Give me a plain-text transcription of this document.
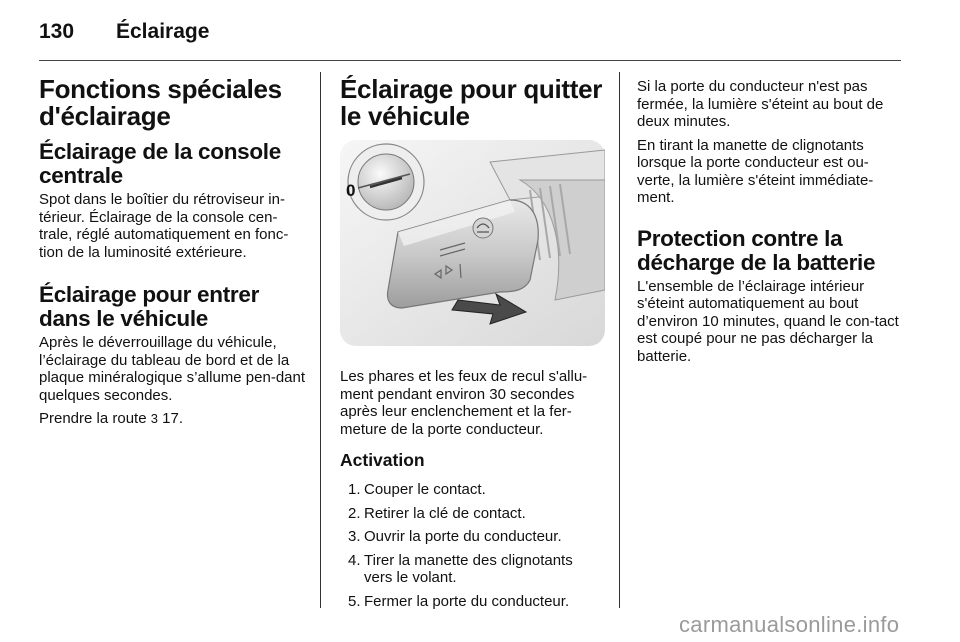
130 Éclairage
Fonctions spéciales d'éclairage
Éclairage de la console centrale

Spot dans le boîtier du rétroviseur in-térieur. Éclairage de la console cen-trale, réglé automatiquement en fonc-tion de la luminosité extérieure.

Éclairage pour entrer dans le véhicule

Après le déverrouillage du véhicule, l’éclairage du tableau de bord et de la plaque minéralogique s’allume pen-dant quelques secondes.

Prendre la route 3 17.

Éclairage pour quitter le véhicule
0

Les phares et les feux de recul s'allu-ment pendant environ 30 secondes après leur enclenchement et la fer-meture de la porte conducteur.

Activation
1. Couper le contact.
2. Retirer la clé de contact.
3. Ouvrir la porte du conducteur.
4. Tirer la manette des clignotants vers le volant.
5. Fermer la porte du conducteur.

Si la porte du conducteur n'est pas fermée, la lumière s'éteint au bout de deux minutes.

En tirant la manette de clignotants lorsque la porte conducteur est ou-verte, la lumière s'éteint immédiate-ment.

Protection contre la décharge de la batterie

L'ensemble de l’éclairage intérieur s'éteint automatiquement au bout d’environ 10 minutes, quand le con-tact est coupé pour ne pas décharger la batterie.

carmanualsonline.info
